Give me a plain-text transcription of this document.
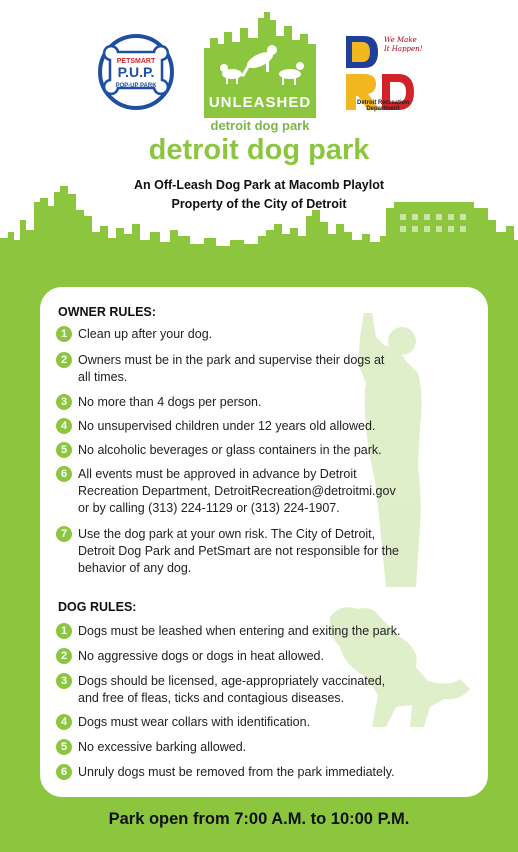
PETSMART
P.U.P.
POP-UP PARK
UNLEASHED
detroit dog park
We Make
It Happen!
Detroit Recreation Department
detroit dog park
An Off-Leash Dog Park at Macomb Playlot
Property of the City of Detroit
OWNER RULES:
1 Clean up after your dog.
2 Owners must be in the park and supervise their dogs at
all times.
3 No more than 4 dogs per person.
4 No unsupervised children under 12 years old allowed.
5 No alcoholic beverages or glass containers in the park.
6 All events must be approved in advance by Detroit
Recreation Department, DetroitRecreation@detroitmi.gov
or by calling (313) 224-1129 or (313) 224-1907.
7 Use the dog park at your own risk. The City of Detroit,
Detroit Dog Park and PetSmart are not responsible for the
behavior of any dog.
DOG RULES:
1 Dogs must be leashed when entering and exiting the park.
2 No aggressive dogs or dogs in heat allowed.
3 Dogs should be licensed, age-appropriately vaccinated,
and free of fleas, ticks and contagious diseases.
4 Dogs must wear collars with identification.
5 No excessive barking allowed.
6 Unruly dogs must be removed from the park immediately.
Park open from 7:00 A.M. to 10:00 P.M.
